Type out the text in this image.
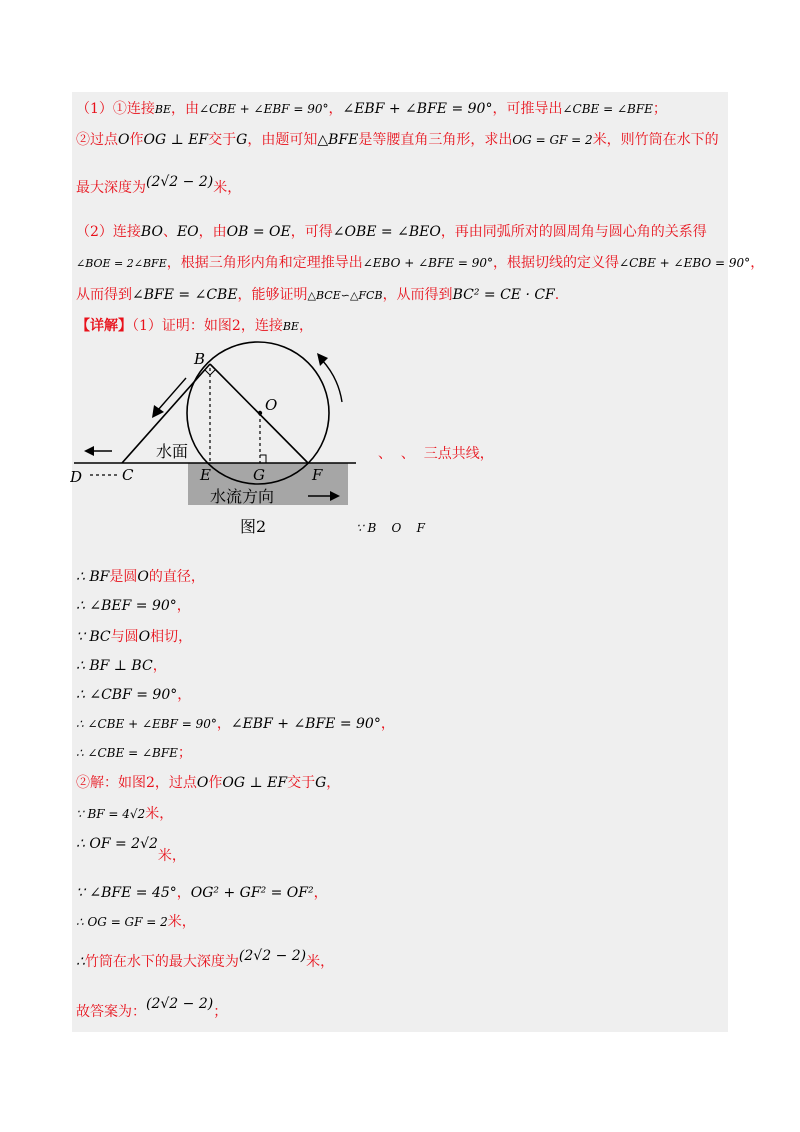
（1）①连接BE，由∠CBE + ∠EBF = 90°，∠EBF + ∠BFE = 90°，可推导出∠CBE = ∠BFE；
②过点O作OG ⊥ EF交于G，由题可知△BFE是等腰直角三角形，求出OG = GF = 2米，则竹筒在水下的
最大深度为(2√2 − 2)米，
（2）连接BO、EO，由OB = OE，可得∠OBE = ∠BEO，再由同弧所对的圆周角与圆心角的关系得
∠BOE = 2∠BFE，根据三角形内角和定理推导出∠EBO + ∠BFE = 90°，根据切线的定义得∠CBE + ∠EBO = 90°，
从而得到∠BFE = ∠CBE，能够证明△BCE∽△FCB，从而得到BC² = CE · CF.
【详解】（1）证明：如图2，连接BE，
B
O
D	C	E	G	F
水面
水流方向
图2
、  、  三点共线，
∵ B    O    F
∴ BF是圆O的直径，
∴ ∠BEF = 90°，
∵ BC与圆O相切，
∴ BF ⊥ BC，
∴ ∠CBF = 90°，
∴ ∠CBE + ∠EBF = 90°，∠EBF + ∠BFE = 90°，
∴ ∠CBE = ∠BFE；
②解：如图2，过点O作OG ⊥ EF交于G，
∵ BF = 4√2米，
∴ OF = 2√2米，
∵ ∠BFE = 45°，OG² + GF² = OF²，
∴ OG = GF = 2米，
∴竹筒在水下的最大深度为(2√2 − 2)米，
故答案为：(2√2 − 2)；
